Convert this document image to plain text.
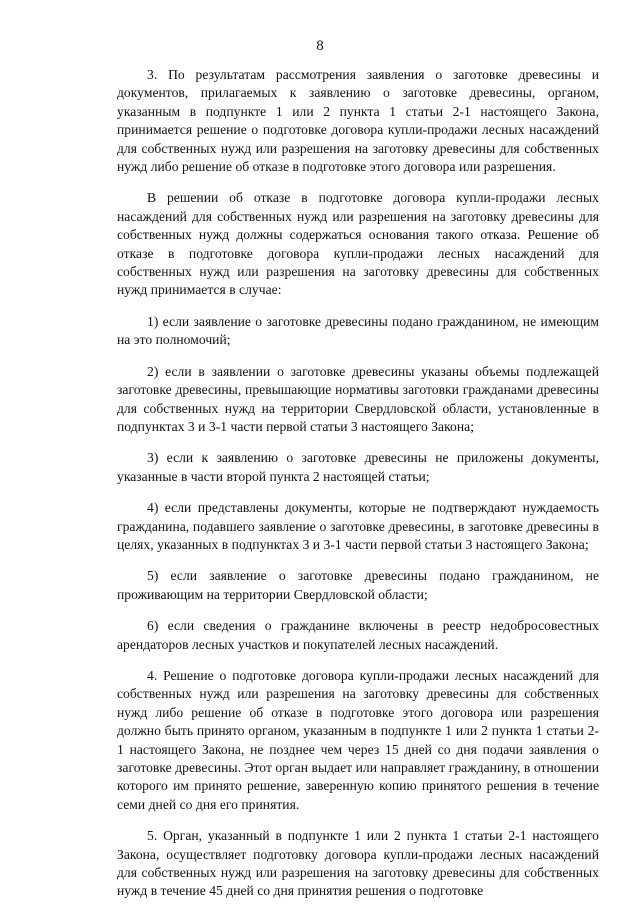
8

3. По результатам рассмотрения заявления о заготовке древесины и документов, прилагаемых к заявлению о заготовке древесины, органом, указанным в подпункте 1 или 2 пункта 1 статьи 2-1 настоящего Закона, принимается решение о подготовке договора купли-продажи лесных насаждений для собственных нужд или разрешения на заготовку древесины для собственных нужд либо решение об отказе в подготовке этого договора или разрешения.

В решении об отказе в подготовке договора купли-продажи лесных насаждений для собственных нужд или разрешения на заготовку древесины для собственных нужд должны содержаться основания такого отказа. Решение об отказе в подготовке договора купли-продажи лесных насаждений для собственных нужд или разрешения на заготовку древесины для собственных нужд принимается в случае:

1) если заявление о заготовке древесины подано гражданином, не имеющим на это полномочий;

2) если в заявлении о заготовке древесины указаны объемы подлежащей заготовке древесины, превышающие нормативы заготовки гражданами древесины для собственных нужд на территории Свердловской области, установленные в подпунктах 3 и 3-1 части первой статьи 3 настоящего Закона;

3) если к заявлению о заготовке древесины не приложены документы, указанные в части второй пункта 2 настоящей статьи;

4) если представлены документы, которые не подтверждают нуждаемость гражданина, подавшего заявление о заготовке древесины, в заготовке древесины в целях, указанных в подпунктах 3 и 3-1 части первой статьи 3 настоящего Закона;

5) если заявление о заготовке древесины подано гражданином, не проживающим на территории Свердловской области;

6) если сведения о гражданине включены в реестр недобросовестных арендаторов лесных участков и покупателей лесных насаждений.

4. Решение о подготовке договора купли-продажи лесных насаждений для собственных нужд или разрешения на заготовку древесины для собственных нужд либо решение об отказе в подготовке этого договора или разрешения должно быть принято органом, указанным в подпункте 1 или 2 пункта 1 статьи 2-1 настоящего Закона, не позднее чем через 15 дней со дня подачи заявления о заготовке древесины. Этот орган выдает или направляет гражданину, в отношении которого им принято решение, заверенную копию принятого решения в течение семи дней со дня его принятия.

5. Орган, указанный в подпункте 1 или 2 пункта 1 статьи 2-1 настоящего Закона, осуществляет подготовку договора купли-продажи лесных насаждений для собственных нужд или разрешения на заготовку древесины для собственных нужд в течение 45 дней со дня принятия решения о подготовке
